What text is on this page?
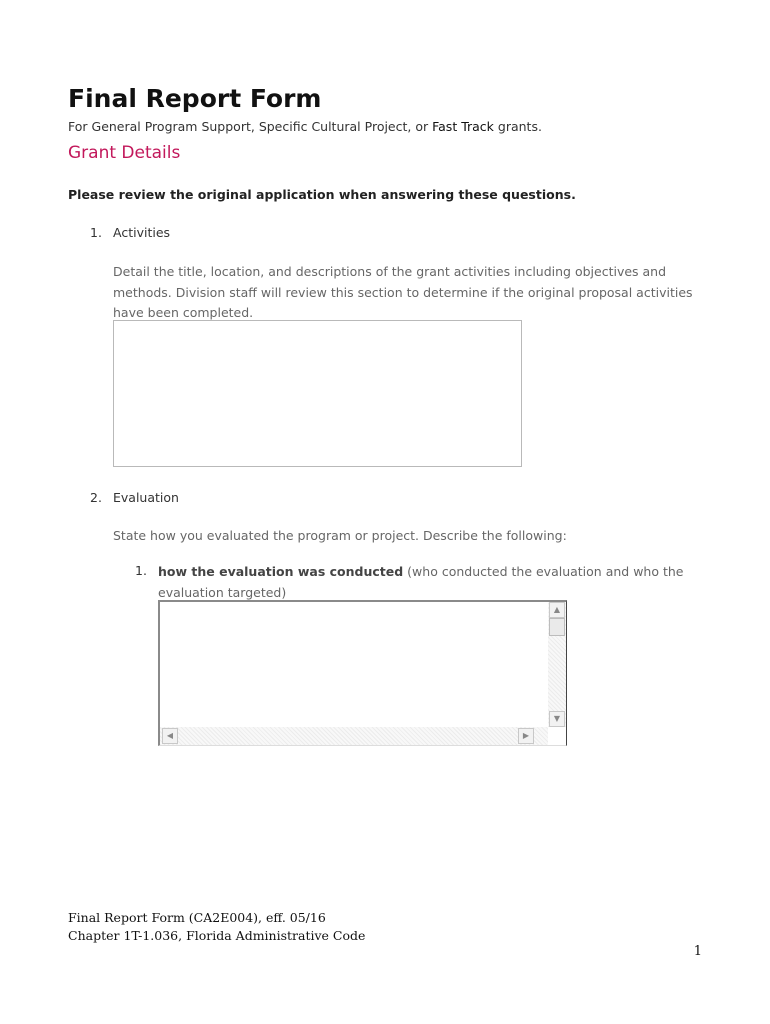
Final Report Form
For General Program Support, Specific Cultural Project, or Fast Track grants.
Grant Details
Please review the original application when answering these questions.
1. Activities
Detail the title, location, and descriptions of the grant activities including objectives and methods. Division staff will review this section to determine if the original proposal activities have been completed.
2. Evaluation
State how you evaluated the program or project. Describe the following:
1. how the evaluation was conducted (who conducted the evaluation and who the evaluation targeted)
▲
▼
◀	▶
Final Report Form (CA2E004), eff. 05/16
Chapter 1T-1.036, Florida Administrative Code
1
